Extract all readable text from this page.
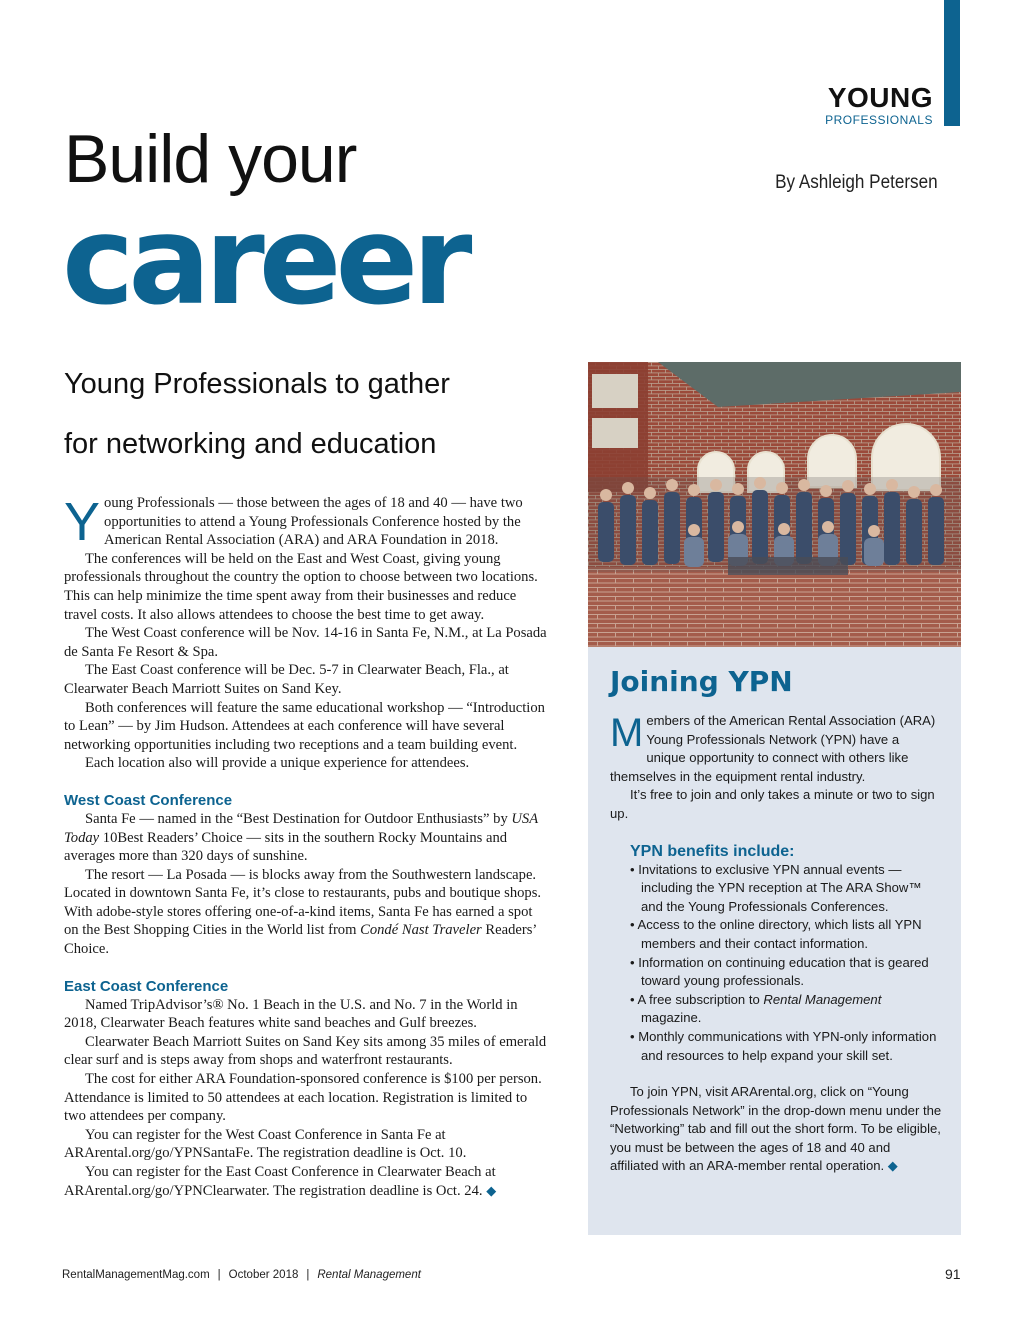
YOUNG
PROFESSIONALS
By Ashleigh Petersen
Build your
career
Young Professionals to gather
for networking and education

Young Professionals — those between the ages of 18 and 40 — have two opportunities to attend a Young Professionals Conference hosted by the American Rental Association (ARA) and ARA Foundation in 2018.

The conferences will be held on the East and West Coast, giving young professionals throughout the country the option to choose between two locations. This can help minimize the time spent away from their businesses and reduce travel costs. It also allows attendees to choose the best time to get away.

The West Coast conference will be Nov. 14-16 in Santa Fe, N.M., at La Posada de Santa Fe Resort & Spa.

The East Coast conference will be Dec. 5-7 in Clearwater Beach, Fla., at Clearwater Beach Marriott Suites on Sand Key.

Both conferences will feature the same educational workshop — “Introduction to Lean” — by Jim Hudson. Attendees at each conference will have several networking opportunities including two receptions and a team building event.

Each location also will provide a unique experience for attendees.

West Coast Conference

Santa Fe — named in the “Best Destination for Outdoor Enthusiasts” by USA Today 10Best Readers’ Choice — sits in the southern Rocky Mountains and averages more than 320 days of sunshine.

The resort — La Posada — is blocks away from the Southwestern landscape. Located in downtown Santa Fe, it’s close to restaurants, pubs and boutique shops. With adobe-style stores offering one-of-a-kind items, Santa Fe has earned a spot on the Best Shopping Cities in the World list from Condé Nast Traveler Readers’ Choice.

East Coast Conference

Named TripAdvisor’s® No. 1 Beach in the U.S. and No. 7 in the World in 2018, Clearwater Beach features white sand beaches and Gulf breezes.

Clearwater Beach Marriott Suites on Sand Key sits among 35 miles of emerald clear surf and is steps away from shops and waterfront restaurants.

The cost for either ARA Foundation-sponsored conference is $100 per person. Attendance is limited to 50 attendees at each location. Registration is limited to two attendees per company.

You can register for the West Coast Conference in Santa Fe at ARArental.org/go/YPNSantaFe. The registration deadline is Oct. 10.

You can register for the East Coast Conference in Clearwater Beach at ARArental.org/go/YPNClearwater. The registration deadline is Oct. 24. ◆

Joining YPN

Members of the American Rental Association (ARA) Young Professionals Network (YPN) have a unique opportunity to connect with others like themselves in the equipment rental industry.

It’s free to join and only takes a minute or two to sign up.

YPN benefits include:
• Invitations to exclusive YPN annual events — including the YPN reception at The ARA Show™ and the Young Professionals Conferences.
• Access to the online directory, which lists all YPN members and their contact information.
• Information on continuing education that is geared toward young professionals.
• A free subscription to Rental Management magazine.
• Monthly communications with YPN-only information and resources to help expand your skill set.

To join YPN, visit ARArental.org, click on “Young Professionals Network” in the drop-down menu under the “Networking” tab and fill out the short form. To be eligible, you must be between the ages of 18 and 40 and affiliated with an ARA-member rental operation. ◆

RentalManagementMag.com | October 2018 | Rental Management	91
